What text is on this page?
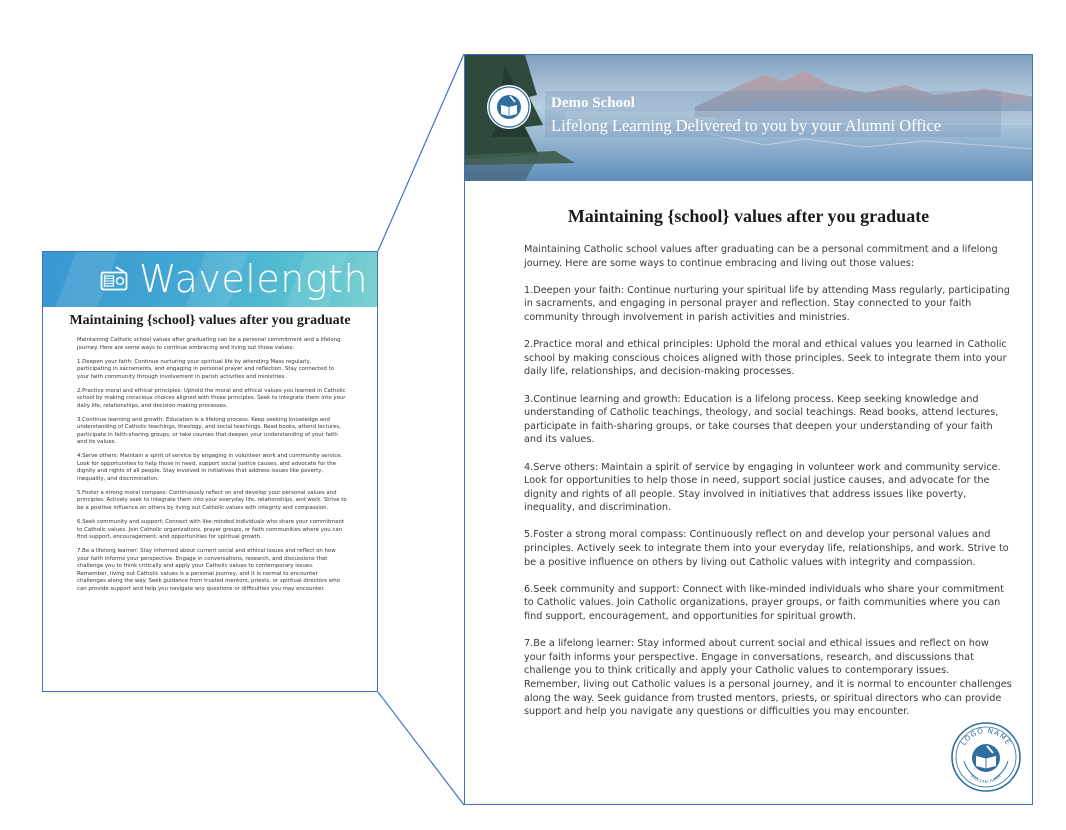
Wavelength
Maintaining {school} values after you graduate

Maintaining Catholic school values after graduating can be a personal commitment and a lifelong journey. Here are some ways to continue embracing and living out those values:

1.Deepen your faith: Continue nurturing your spiritual life by attending Mass regularly, participating in sacraments, and engaging in personal prayer and reflection. Stay connected to your faith community through involvement in parish activities and ministries.

2.Practice moral and ethical principles: Uphold the moral and ethical values you learned in Catholic school by making conscious choices aligned with those principles. Seek to integrate them into your daily life, relationships, and decision-making processes.

3.Continue learning and growth: Education is a lifelong process. Keep seeking knowledge and understanding of Catholic teachings, theology, and social teachings. Read books, attend lectures, participate in faith-sharing groups, or take courses that deepen your understanding of your faith and its values.

4.Serve others: Maintain a spirit of service by engaging in volunteer work and community service. Look for opportunities to help those in need, support social justice causes, and advocate for the dignity and rights of all people. Stay involved in initiatives that address issues like poverty, inequality, and discrimination.

5.Foster a strong moral compass: Continuously reflect on and develop your personal values and principles. Actively seek to integrate them into your everyday life, relationships, and work. Strive to be a positive influence on others by living out Catholic values with integrity and compassion.

6.Seek community and support: Connect with like-minded individuals who share your commitment to Catholic values. Join Catholic organizations, prayer groups, or faith communities where you can find support, encouragement, and opportunities for spiritual growth.

7.Be a lifelong learner: Stay informed about current social and ethical issues and reflect on how your faith informs your perspective. Engage in conversations, research, and discussions that challenge you to think critically and apply your Catholic values to contemporary issues.

Remember, living out Catholic values is a personal journey, and it is normal to encounter challenges along the way. Seek guidance from trusted mentors, priests, or spiritual directors who can provide support and help you navigate any questions or difficulties you may encounter.

Demo School
Lifelong Learning Delivered to you by your Alumni Office
Maintaining {school} values after you graduate

Maintaining Catholic school values after graduating can be a personal commitment and a lifelong journey. Here are some ways to continue embracing and living out those values:

1.Deepen your faith: Continue nurturing your spiritual life by attending Mass regularly, participating in sacraments, and engaging in personal prayer and reflection. Stay connected to your faith community through involvement in parish activities and ministries.

2.Practice moral and ethical principles: Uphold the moral and ethical values you learned in Catholic school by making conscious choices aligned with those principles. Seek to integrate them into your daily life, relationships, and decision-making processes.

3.Continue learning and growth: Education is a lifelong process. Keep seeking knowledge and understanding of Catholic teachings, theology, and social teachings. Read books, attend lectures, participate in faith-sharing groups, or take courses that deepen your understanding of your faith and its values.

4.Serve others: Maintain a spirit of service by engaging in volunteer work and community service. Look for opportunities to help those in need, support social justice causes, and advocate for the dignity and rights of all people. Stay involved in initiatives that address issues like poverty, inequality, and discrimination.

5.Foster a strong moral compass: Continuously reflect on and develop your personal values and principles. Actively seek to integrate them into your everyday life, relationships, and work. Strive to be a positive influence on others by living out Catholic values with integrity and compassion.

6.Seek community and support: Connect with like-minded individuals who share your commitment to Catholic values. Join Catholic organizations, prayer groups, or faith communities where you can find support, encouragement, and opportunities for spiritual growth.

7.Be a lifelong learner: Stay informed about current social and ethical issues and reflect on how your faith informs your perspective. Engage in conversations, research, and discussions that challenge you to think critically and apply your Catholic values to contemporary issues.

Remember, living out Catholic values is a personal journey, and it is normal to encounter challenges along the way. Seek guidance from trusted mentors, priests, or spiritual directors who can provide support and help you navigate any questions or difficulties you may encounter.

LOGO NAME
SLOGAN HERE
